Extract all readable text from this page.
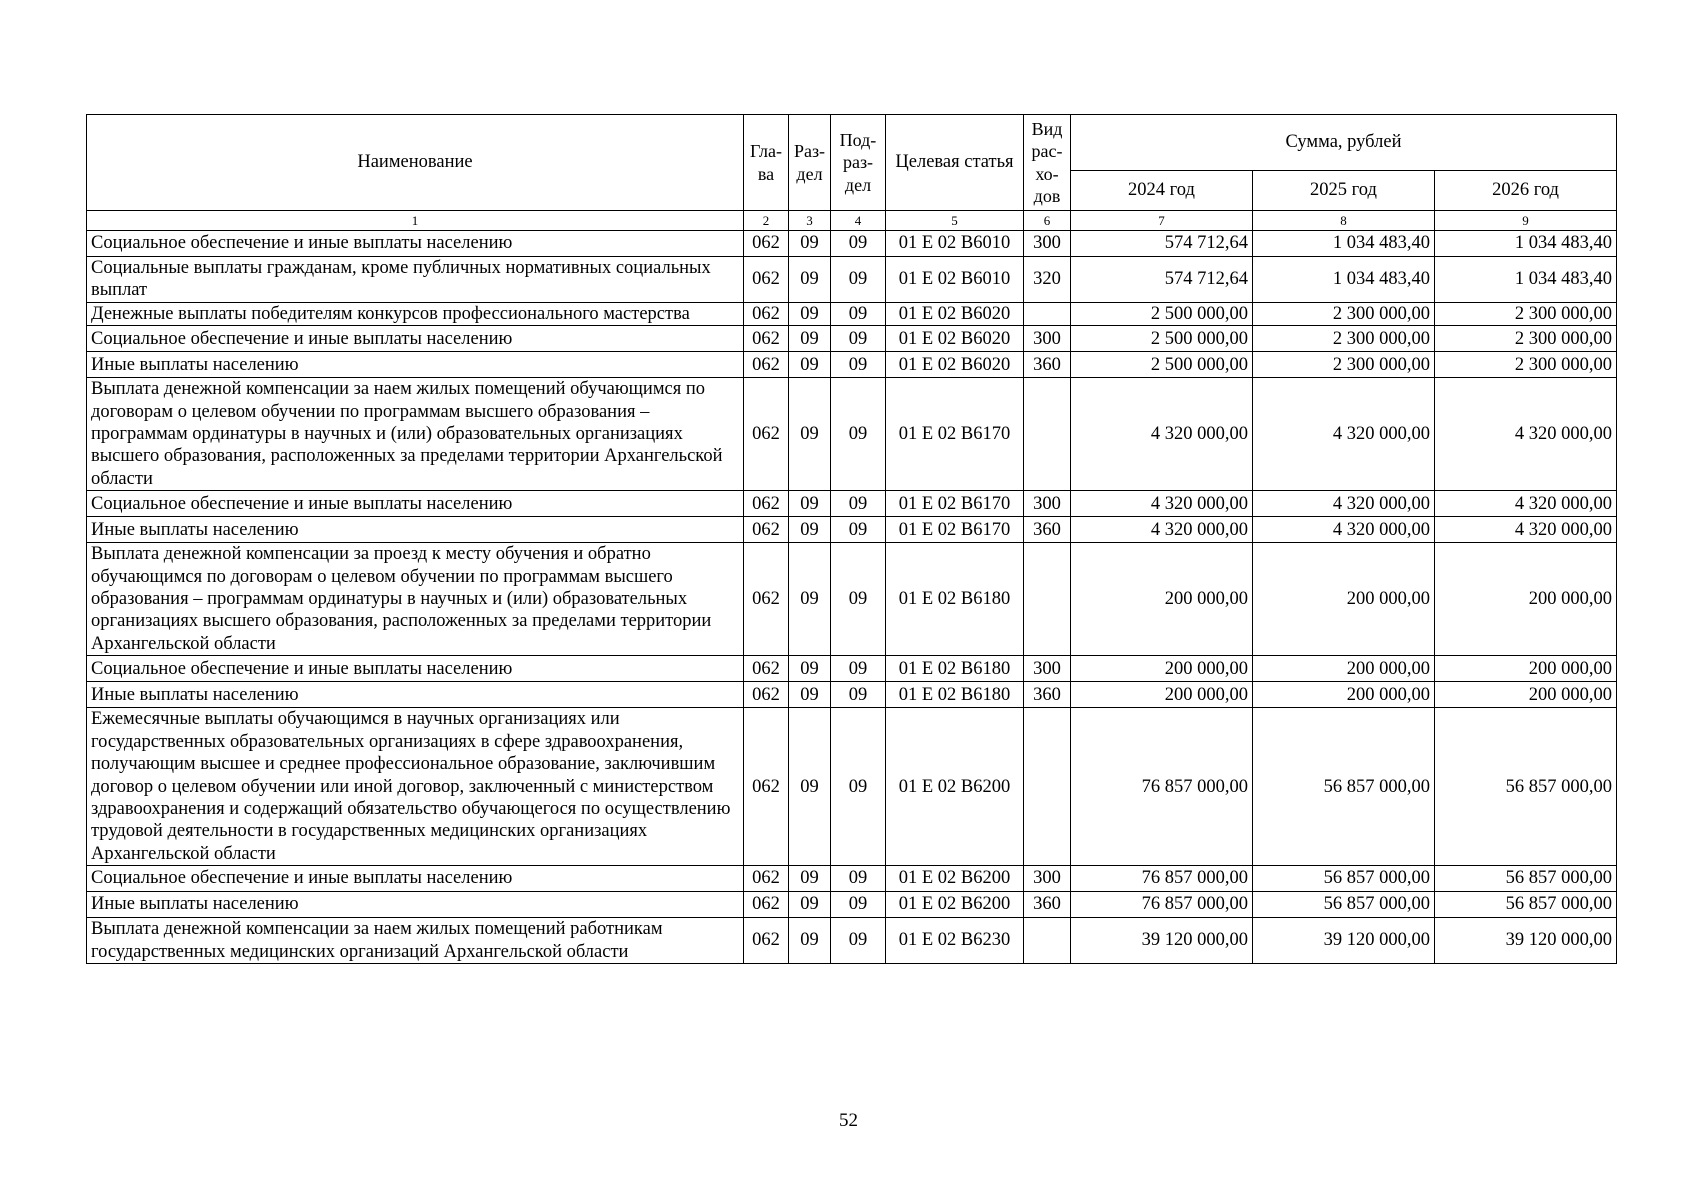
Наименование	Гла-ва	Раз-дел	Под-раз-дел	Целевая статья	Вид рас-хо-дов	Сумма, рублей		
						2024 год	2025 год	2026 год
1	2	3	4	5	6	7	8	9
Социальное обеспечение и иные выплаты населению	062	09	09	01 Е 02 В6010	300	574 712,64	1 034 483,40	1 034 483,40
Социальные выплаты гражданам, кроме публичных нормативных социальных выплат	062	09	09	01 Е 02 В6010	320	574 712,64	1 034 483,40	1 034 483,40
Денежные выплаты победителям конкурсов профессионального мастерства	062	09	09	01 Е 02 В6020		2 500 000,00	2 300 000,00	2 300 000,00
Социальное обеспечение и иные выплаты населению	062	09	09	01 Е 02 В6020	300	2 500 000,00	2 300 000,00	2 300 000,00
Иные выплаты населению	062	09	09	01 Е 02 В6020	360	2 500 000,00	2 300 000,00	2 300 000,00
Выплата денежной компенсации за наем жилых помещений обучающимся по договорам о целевом обучении по программам высшего образования – программам ординатуры в научных и (или) образовательных организациях высшего образования, расположенных за пределами территории Архангельской области	062	09	09	01 Е 02 В6170		4 320 000,00	4 320 000,00	4 320 000,00
Социальное обеспечение и иные выплаты населению	062	09	09	01 Е 02 В6170	300	4 320 000,00	4 320 000,00	4 320 000,00
Иные выплаты населению	062	09	09	01 Е 02 В6170	360	4 320 000,00	4 320 000,00	4 320 000,00
Выплата денежной компенсации за проезд к месту обучения и обратно обучающимся по договорам о целевом обучении по программам высшего образования – программам ординатуры в научных и (или) образовательных организациях высшего образования, расположенных за пределами территории Архангельской области	062	09	09	01 Е 02 В6180		200 000,00	200 000,00	200 000,00
Социальное обеспечение и иные выплаты населению	062	09	09	01 Е 02 В6180	300	200 000,00	200 000,00	200 000,00
Иные выплаты населению	062	09	09	01 Е 02 В6180	360	200 000,00	200 000,00	200 000,00
Ежемесячные выплаты обучающимся в научных организациях или государственных образовательных организациях в сфере здравоохранения, получающим высшее и среднее профессиональное образование, заключившим договор о целевом обучении или иной договор, заключенный с министерством здравоохранения и содержащий обязательство обучающегося по осуществлению трудовой деятельности в государственных медицинских организациях Архангельской области	062	09	09	01 Е 02 В6200		76 857 000,00	56 857 000,00	56 857 000,00
Социальное обеспечение и иные выплаты населению	062	09	09	01 Е 02 В6200	300	76 857 000,00	56 857 000,00	56 857 000,00
Иные выплаты населению	062	09	09	01 Е 02 В6200	360	76 857 000,00	56 857 000,00	56 857 000,00
Выплата денежной компенсации за наем жилых помещений работникам государственных медицинских организаций Архангельской области	062	09	09	01 Е 02 В6230		39 120 000,00	39 120 000,00	39 120 000,00
52
